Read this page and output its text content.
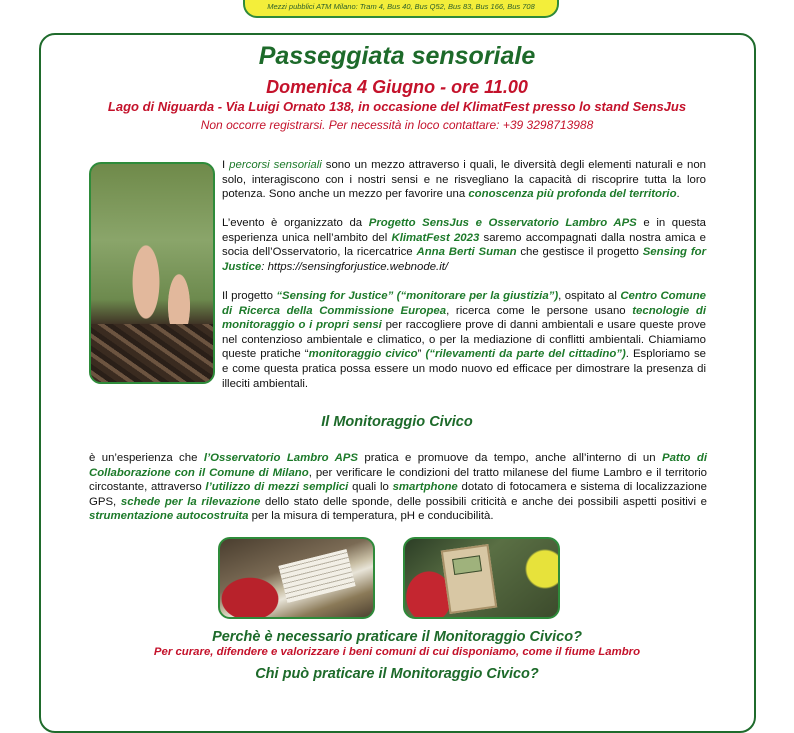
Mezzi pubblici ATM Milano: Tram 4, Bus 40, Bus Q52, Bus 83, Bus 166, Bus 708
Passeggiata sensoriale
Domenica 4 Giugno - ore 11.00
Lago di Niguarda - Via Luigi Ornato 138, in occasione del KlimatFest presso lo stand SensJus
Non occorre registrarsi. Per necessità in loco contattare: +39 3298713988
I percorsi sensoriali sono un mezzo attraverso i quali, le diversità degli elementi naturali e non solo, interagiscono con i nostri sensi e ne risvegliano la capacità di riscoprire tutta la loro potenza. Sono anche un mezzo per favorire una conoscenza più profonda del territorio.
L’evento è organizzato da Progetto SensJus e Osservatorio Lambro APS e in questa esperienza unica nell’ambito del KlimatFest 2023 saremo accompagnati dalla nostra amica e socia dell’Osservatorio, la ricercatrice Anna Berti Suman che gestisce il progetto Sensing for Justice: https://sensingforjustice.webnode.it/
Il progetto “Sensing for Justice” (“monitorare per la giustizia”), ospitato al Centro Comune di Ricerca della Commissione Europea, ricerca come le persone usano tecnologie di monitoraggio o i propri sensi per raccogliere prove di danni ambientali e usare queste prove nel contenzioso ambientale e climatico, o per la mediazione di conflitti ambientali. Chiamiamo queste pratiche “monitoraggio civico” (“rilevamenti da parte del cittadino”). Esploriamo se e come questa pratica possa essere un modo nuovo ed efficace per dimostrare la presenza di illeciti ambientali.
Il Monitoraggio Civico
è un’esperienza che l’Osservatorio Lambro APS pratica e promuove da tempo, anche all’interno di un Patto di Collaborazione con il Comune di Milano, per verificare le condizioni del tratto milanese del fiume Lambro e il territorio circostante, attraverso l’utilizzo di mezzi semplici quali lo smartphone dotato di fotocamera e sistema di localizzazione GPS, schede per la rilevazione dello stato delle sponde, delle possibili criticità e anche dei possibili aspetti positivi e strumentazione autocostruita per la misura di temperatura, pH e conducibilità.
Perchè è necessario praticare il Monitoraggio Civico?
Per curare, difendere e valorizzare i beni comuni di cui disponiamo, come il fiume Lambro
Chi può praticare il Monitoraggio Civico?
